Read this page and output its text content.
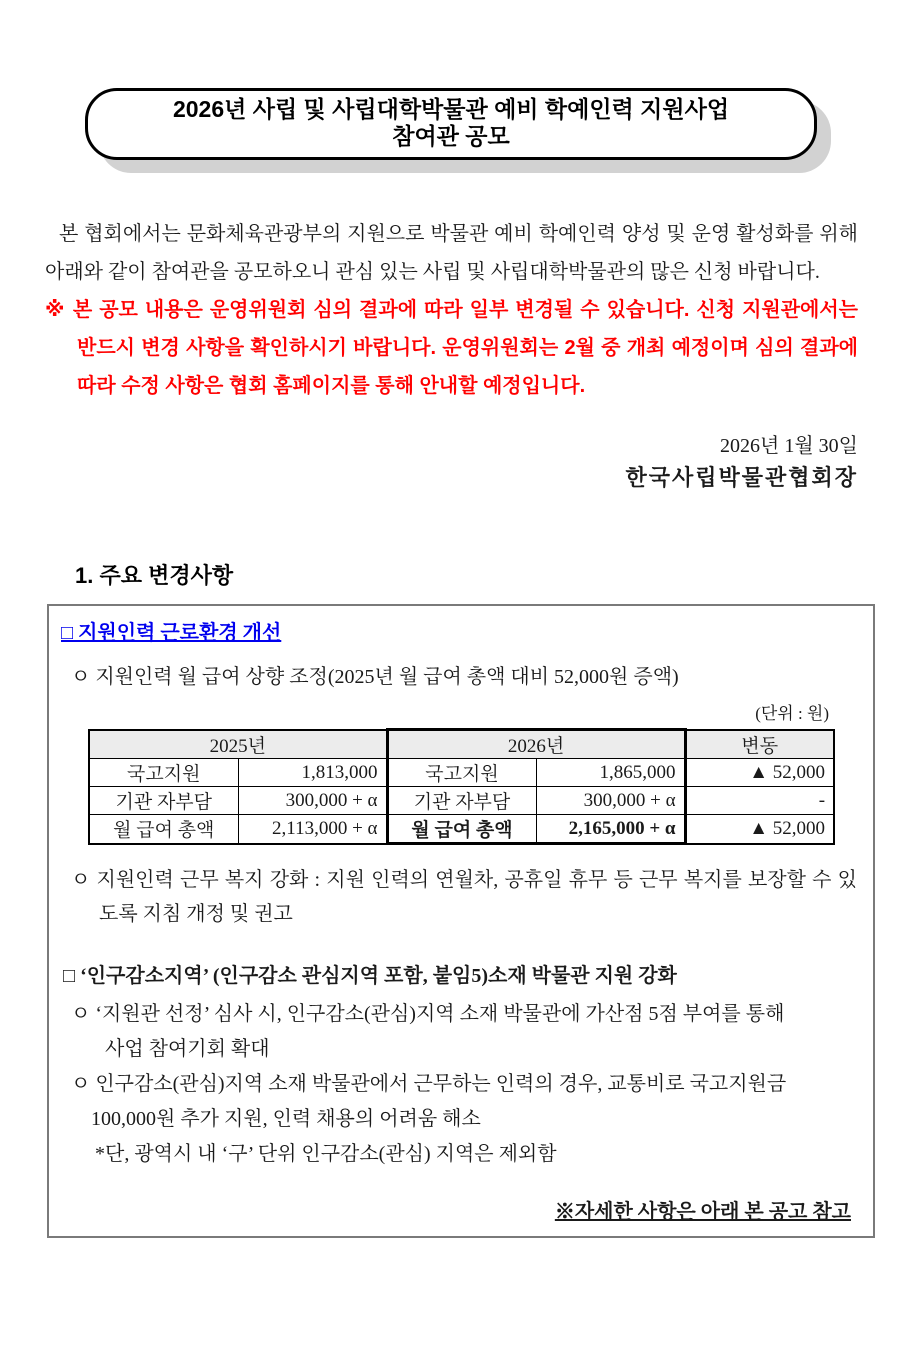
2026년 사립 및 사립대학박물관 예비 학예인력 지원사업
참여관 공모

본 협회에서는 문화체육관광부의 지원으로 박물관 예비 학예인력 양성 및 운영 활성화를 위해 아래와 같이 참여관을 공모하오니 관심 있는 사립 및 사립대학박물관의 많은 신청 바랍니다.

※ 본 공모 내용은 운영위원회 심의 결과에 따라 일부 변경될 수 있습니다. 신청 지원관에서는 반드시 변경 사항을 확인하시기 바랍니다. 운영위원회는 2월 중 개최 예정이며 심의 결과에 따라 수정 사항은 협회 홈페이지를 통해 안내할 예정입니다.

2026년 1월 30일
한국사립박물관협회장
1. 주요 변경사항
□ 지원인력 근로환경 개선
ㅇ 지원인력 월 급여 상향 조정(2025년 월 급여 총액 대비 52,000원 증액)
(단위 : 원)
2025년		2026년		변동
국고지원	1,813,000	국고지원	1,865,000	▲ 52,000
기관 자부담	300,000 + α	기관 자부담	300,000 + α	-
월 급여 총액	2,113,000 + α	월 급여 총액	2,165,000 + α	▲ 52,000
ㅇ 지원인력 근무 복지 강화 : 지원 인력의 연월차, 공휴일 휴무 등 근무 복지를 보장할 수 있도록 지침 개정 및 권고
□ ‘인구감소지역’ (인구감소 관심지역 포함, 붙임5)소재 박물관 지원 강화
ㅇ ‘지원관 선정’ 심사 시, 인구감소(관심)지역 소재 박물관에 가산점 5점 부여를 통해
사업 참여기회 확대
ㅇ 인구감소(관심)지역 소재 박물관에서 근무하는 인력의 경우, 교통비로 국고지원금
100,000원 추가 지원, 인력 채용의 어려움 해소
*단, 광역시 내 ‘구’ 단위 인구감소(관심) 지역은 제외함
※자세한 사항은 아래 본 공고 참고
